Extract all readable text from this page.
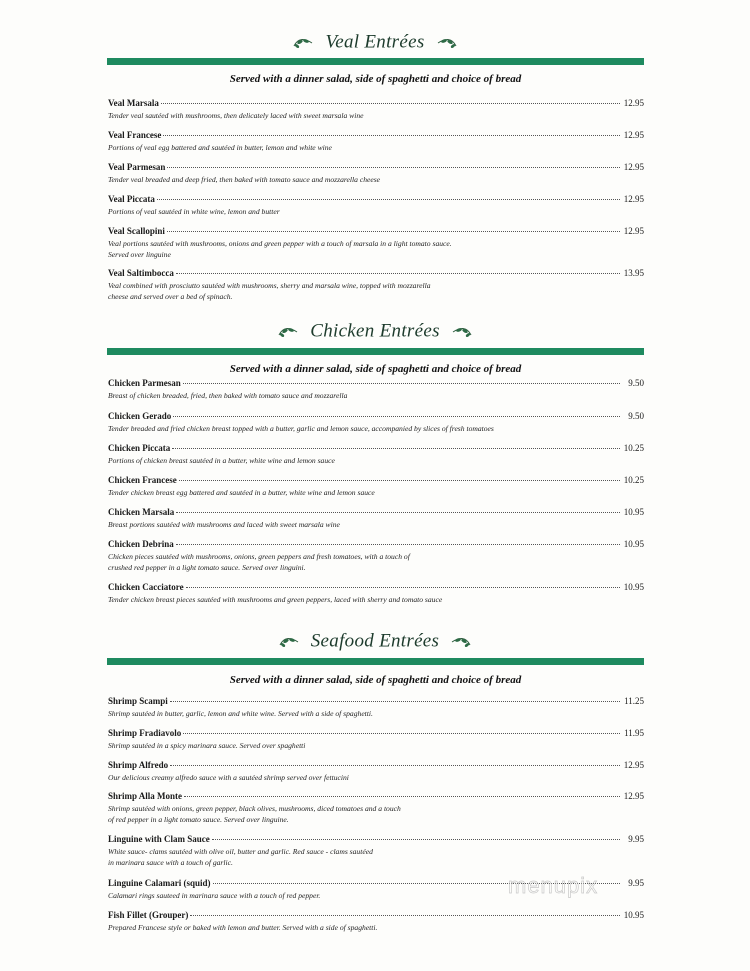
Veal Entrées
Served with a dinner salad, side of spaghetti and choice of bread
Veal Marsala	12.95
Tender veal sautéed with mushrooms, then delicately laced with sweet marsala wine
Veal Francese	12.95
Portions of veal egg battered and sautéed in butter, lemon and white wine
Veal Parmesan	12.95
Tender veal breaded and deep fried, then baked with tomato sauce and mozzarella cheese
Veal Piccata	12.95
Portions of veal sautéed in white wine, lemon and butter
Veal Scallopini	12.95
Veal portions sautéed with mushrooms, onions and green pepper with a touch of marsala in a light tomato sauce.
Served over linguine
Veal Saltimbocca	13.95
Veal combined with prosciutto sautéed with mushrooms, sherry and marsala wine, topped with mozzarella
cheese and served over a bed of spinach.
Chicken Entrées
Served with a dinner salad, side of spaghetti and choice of bread
Chicken Parmesan	9.50
Breast of chicken breaded, fried, then baked with tomato sauce and mozzarella
Chicken Gerado	9.50
Tender breaded and fried chicken breast topped with a butter, garlic and lemon sauce, accompanied by slices of fresh tomatoes
Chicken Piccata	10.25
Portions of chicken breast sautéed in a butter, white wine and lemon sauce
Chicken Francese	10.25
Tender chicken breast egg battered and sautéed in a butter, white wine and lemon sauce
Chicken Marsala	10.95
Breast portions sautéed with mushrooms and laced with sweet marsala wine
Chicken Debrina	10.95
Chicken pieces sautéed with mushrooms, onions, green peppers and fresh tomatoes, with a touch of
crushed red pepper in a light tomato sauce. Served over linguini.
Chicken Cacciatore	10.95
Tender chicken breast pieces sautéed with mushrooms and green peppers, laced with sherry and tomato sauce
Seafood Entrées
Served with a dinner salad, side of spaghetti and choice of bread
Shrimp Scampi	11.25
Shrimp sautéed in butter, garlic, lemon and white wine. Served with a side of spaghetti.
Shrimp Fradiavolo	11.95
Shrimp sautéed in a spicy marinara sauce. Served over spaghetti
Shrimp Alfredo	12.95
Our delicious creamy alfredo sauce with a sautéed shrimp served over fettucini
Shrimp Alla Monte	12.95
Shrimp sautéed with onions, green pepper, black olives, mushrooms, diced tomatoes and a touch
of red pepper in a light tomato sauce. Served over linguine.
Linguine with Clam Sauce	9.95
White sauce- clams sautéed with olive oil, butter and garlic. Red sauce - clams sautéed
in marinara sauce with a touch of garlic.
Linguine Calamari (squid)	9.95
Calamari rings sauteed in marinara sauce with a touch of red pepper.
Fish Fillet (Grouper)	10.95
Prepared Francese style or baked with lemon and butter. Served with a side of spaghetti.
menupix
